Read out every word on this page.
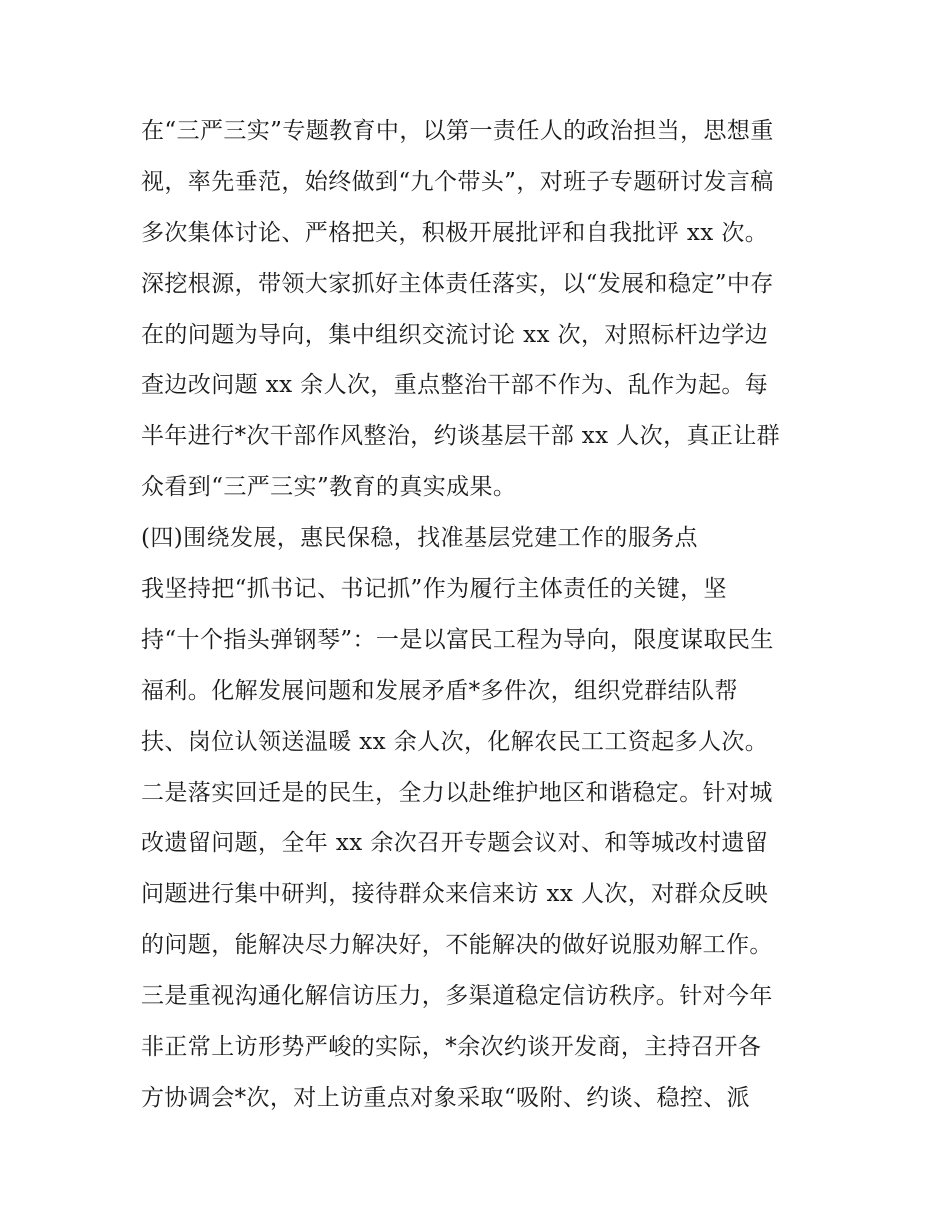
在“三严三实”专题教育中，以第一责任人的政治担当，思想重
视，率先垂范，始终做到“九个带头”，对班子专题研讨发言稿
多次集体讨论、严格把关，积极开展批评和自我批评 xx 次。
深挖根源，带领大家抓好主体责任落实，以“发展和稳定”中存
在的问题为导向，集中组织交流讨论 xx 次，对照标杆边学边
查边改问题 xx 余人次，重点整治干部不作为、乱作为起。每
半年进行*次干部作风整治，约谈基层干部 xx 人次，真正让群
众看到“三严三实”教育的真实成果。
(四)围绕发展，惠民保稳，找准基层党建工作的服务点
我坚持把“抓书记、书记抓”作为履行主体责任的关键，坚
持“十个指头弹钢琴”：一是以富民工程为导向，限度谋取民生
福利。化解发展问题和发展矛盾*多件次，组织党群结队帮
扶、岗位认领送温暖 xx 余人次，化解农民工工资起多人次。
二是落实回迁是的民生，全力以赴维护地区和谐稳定。针对城
改遗留问题，全年 xx 余次召开专题会议对、和等城改村遗留
问题进行集中研判，接待群众来信来访 xx 人次，对群众反映
的问题，能解决尽力解决好，不能解决的做好说服劝解工作。
三是重视沟通化解信访压力，多渠道稳定信访秩序。针对今年
非正常上访形势严峻的实际，*余次约谈开发商，主持召开各
方协调会*次，对上访重点对象采取“吸附、约谈、稳控、派
